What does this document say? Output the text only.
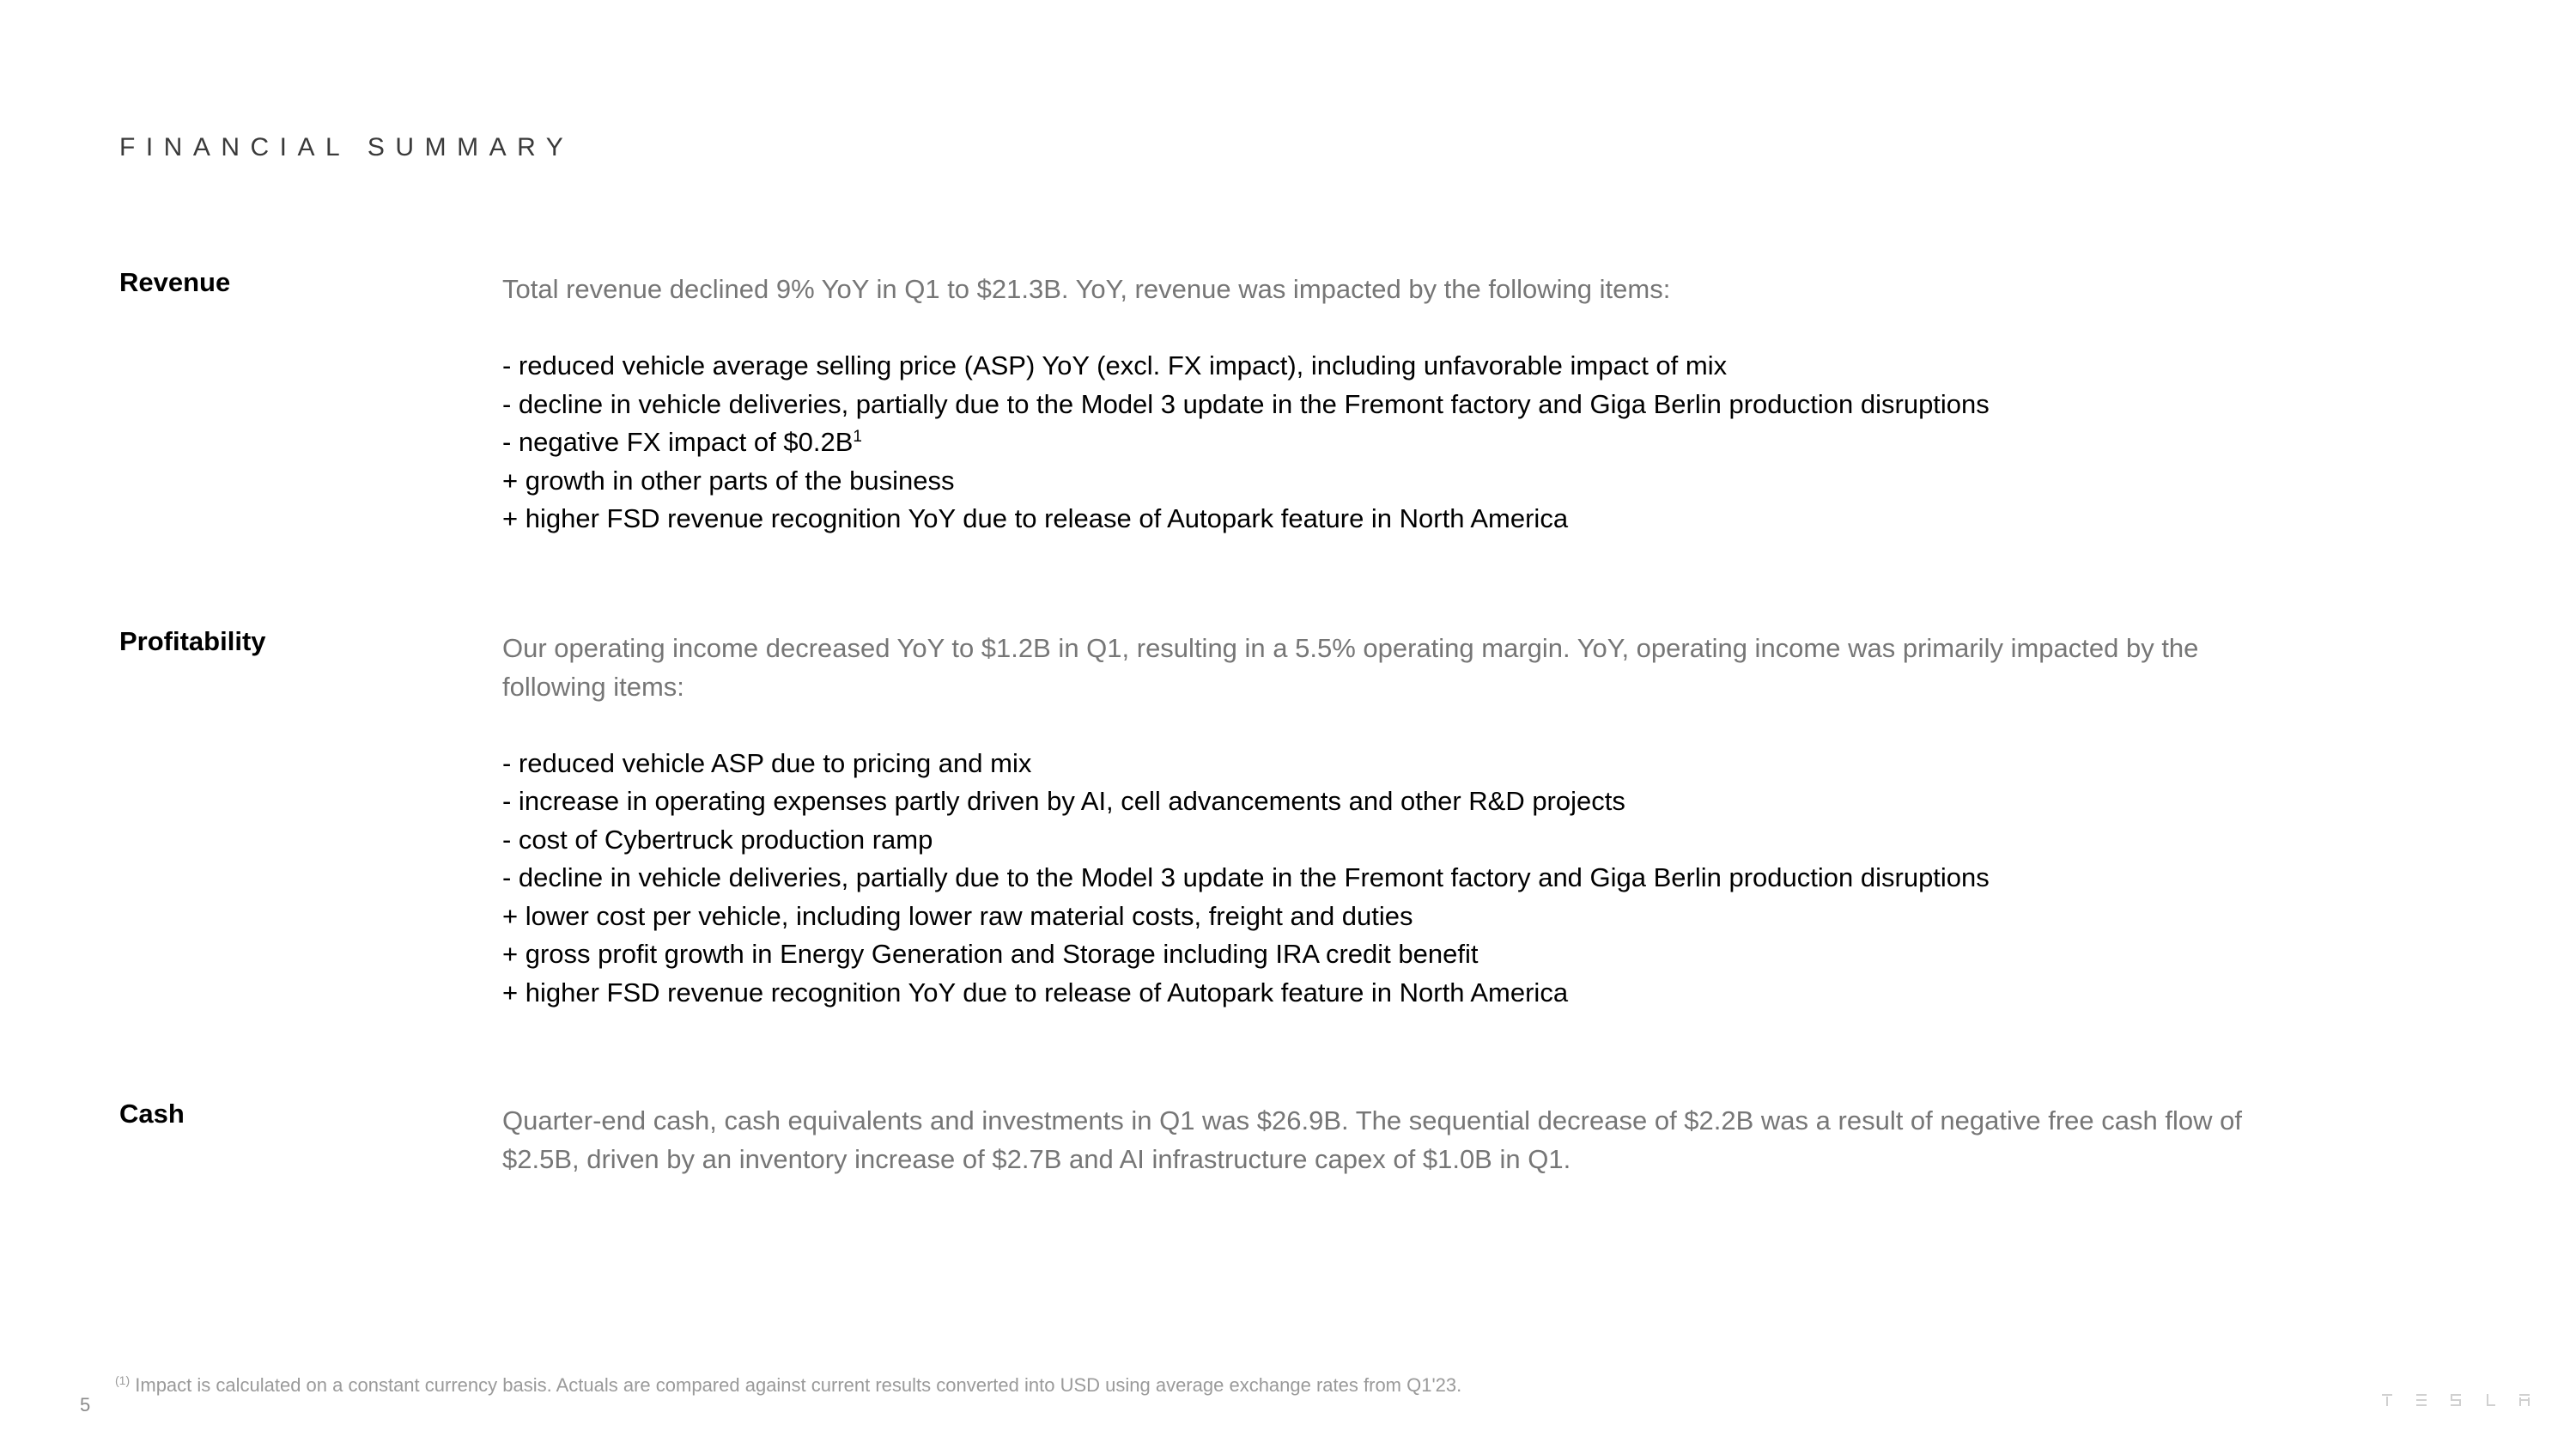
FINANCIAL SUMMARY
Revenue	Total revenue declined 9% YoY in Q1 to $21.3B. YoY, revenue was impacted by the following items:

- reduced vehicle average selling price (ASP) YoY (excl. FX impact), including unfavorable impact of mix
- decline in vehicle deliveries, partially due to the Model 3 update in the Fremont factory and Giga Berlin production disruptions
- negative FX impact of $\$0.2B^1$
+ growth in other parts of the business
+ higher FSD revenue recognition YoY due to release of Autopark feature in North America
Profitability	Our operating income decreased YoY to $1.2B in Q1, resulting in a 5.5% operating margin. YoY, operating income was primarily impacted by the following items:

- reduced vehicle ASP due to pricing and mix
- increase in operating expenses partly driven by AI, cell advancements and other R&D projects
- cost of Cybertruck production ramp
- decline in vehicle deliveries, partially due to the Model 3 update in the Fremont factory and Giga Berlin production disruptions
+ lower cost per vehicle, including lower raw material costs, freight and duties
+ gross profit growth in Energy Generation and Storage including IRA credit benefit
+ higher FSD revenue recognition YoY due to release of Autopark feature in North America
Cash	Quarter-end cash, cash equivalents and investments in Q1 was $26.9B. The sequential decrease of $2.2B was a result of negative free cash flow of $2.5B, driven by an inventory increase of $2.7B and AI infrastructure capex of $1.0B in Q1.

$^{(1)}$ Impact is calculated on a constant currency basis. Actuals are compared against current results converted into USD using average exchange rates from Q1'23.
5
